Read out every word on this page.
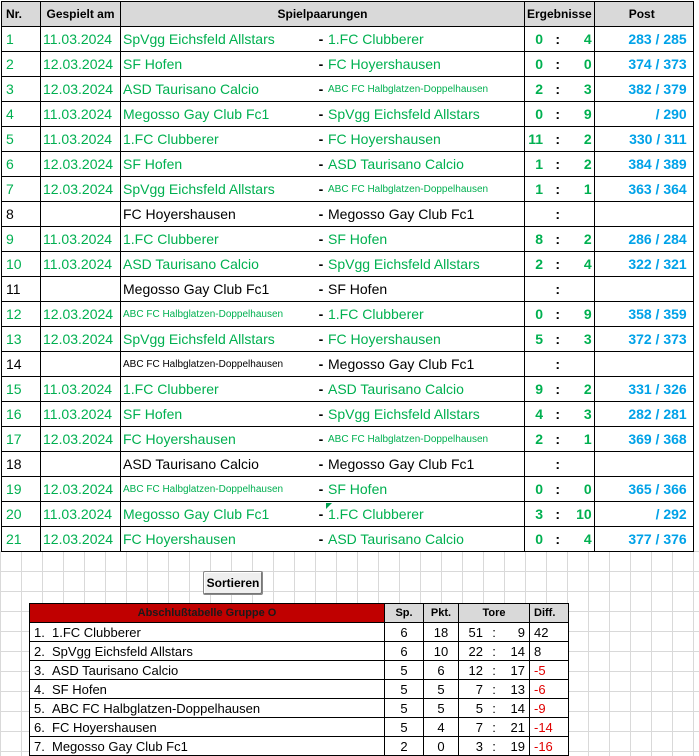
Nr.	Gespielt am	Spielpaarungen			Ergebnisse			Post
1	11.03.2024	SpVgg Eichsfeld Allstars	-	1.FC Clubberer	0	:	4	283 / 285
2	12.03.2024	SF Hofen	-	FC Hoyershausen	0	:	0	374 / 373
3	12.03.2024	ASD Taurisano Calcio	-	ABC FC Halbglatzen-Doppelhausen	2	:	3	382 / 379
4	11.03.2024	Megosso Gay Club Fc1	-	SpVgg Eichsfeld Allstars	0	:	9	/ 290
5	11.03.2024	1.FC Clubberer	-	FC Hoyershausen	11	:	2	330 / 311
6	12.03.2024	SF Hofen	-	ASD Taurisano Calcio	1	:	2	384 / 389
7	12.03.2024	SpVgg Eichsfeld Allstars	-	ABC FC Halbglatzen-Doppelhausen	1	:	1	363 / 364
8		FC Hoyershausen	-	Megosso Gay Club Fc1		:		
9	11.03.2024	1.FC Clubberer	-	SF Hofen	8	:	2	286 / 284
10	11.03.2024	ASD Taurisano Calcio	-	SpVgg Eichsfeld Allstars	2	:	4	322 / 321
11		Megosso Gay Club Fc1	-	SF Hofen		:		
12	12.03.2024	ABC FC Halbglatzen-Doppelhausen	-	1.FC Clubberer	0	:	9	358 / 359
13	12.03.2024	SpVgg Eichsfeld Allstars	-	FC Hoyershausen	5	:	3	372 / 373
14		ABC FC Halbglatzen-Doppelhausen	-	Megosso Gay Club Fc1		:		
15	11.03.2024	1.FC Clubberer	-	ASD Taurisano Calcio	9	:	2	331 / 326
16	11.03.2024	SF Hofen	-	SpVgg Eichsfeld Allstars	4	:	3	282 / 281
17	12.03.2024	FC Hoyershausen	-	ABC FC Halbglatzen-Doppelhausen	2	:	1	369 / 368
18		ASD Taurisano Calcio	-	Megosso Gay Club Fc1		:		
19	12.03.2024	ABC FC Halbglatzen-Doppelhausen	-	SF Hofen	0	:	0	365 / 366
20	11.03.2024	Megosso Gay Club Fc1	-	1.FC Clubberer	3	:	10	/ 292
21	12.03.2024	FC Hoyershausen	-	ASD Taurisano Calcio	0	:	4	377 / 376
Sortieren
Abschlußtabelle Gruppe O	Sp.	Pkt.	Tore			Diff.
1. 1.FC Clubberer	6	18	51	:	9	42
2. SpVgg Eichsfeld Allstars	6	10	22	:	14	8
3. ASD Taurisano Calcio	5	6	12	:	17	-5
4. SF Hofen	5	5	7	:	13	-6
5. ABC FC Halbglatzen-Doppelhausen	5	5	5	:	14	-9
6. FC Hoyershausen	5	4	7	:	21	-14
7. Megosso Gay Club Fc1	2	0	3	:	19	-16
